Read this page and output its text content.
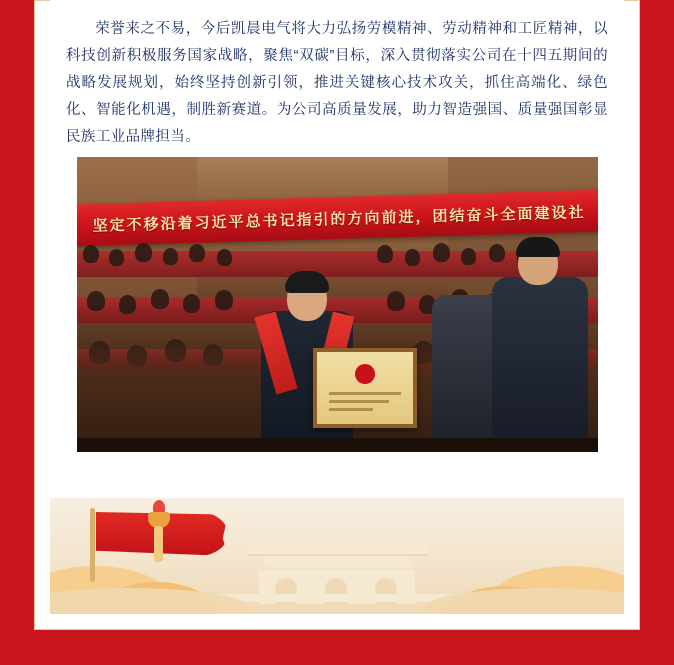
荣誉来之不易，今后凯晨电气将大力弘扬劳模精神、劳动精神和工匠精神，以科技创新积极服务国家战略，聚焦“双碳”目标，深入贯彻落实公司在十四五期间的战略发展规划，始终坚持创新引领，推进关键核心技术攻关，抓住高端化、绿色化、智能化机遇，制胜新赛道。为公司高质量发展，助力智造强国、质量强国彰显民族工业品牌担当。
坚定不移沿着习近平总书记指引的方向前进，团结奋斗全面建设社
